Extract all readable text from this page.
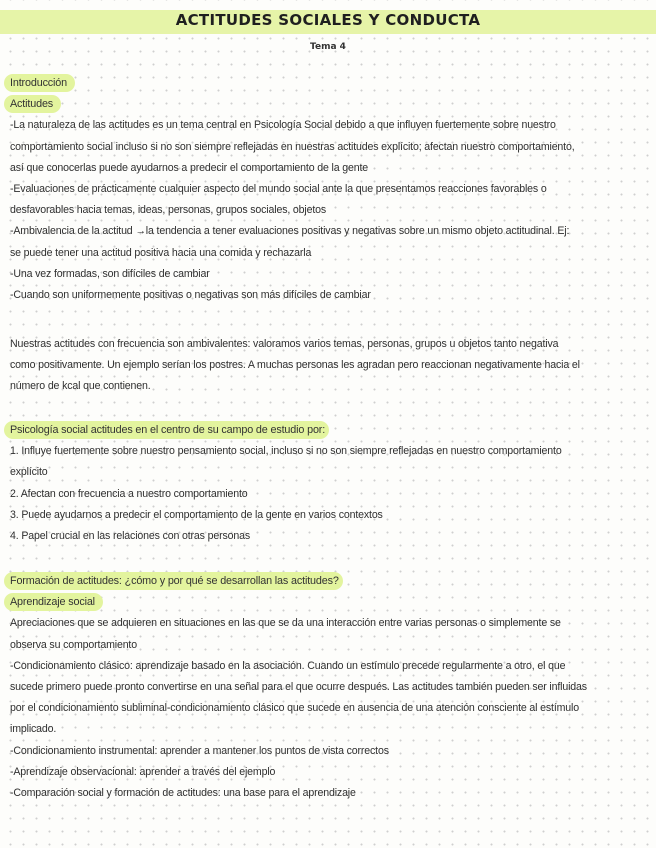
ACTITUDES SOCIALES Y CONDUCTA
Tema 4
Introducción
Actitudes
-La naturaleza de las actitudes es un tema central en Psicología Social debido a que influyen fuertemente sobre nuestro
comportamiento social incluso si no son siempre reflejadas en nuestras actitudes explícito; afectan nuestro comportamiento,
así que conocerlas puede ayudarnos a predecir el comportamiento de la gente
-Evaluaciones de prácticamente cualquier aspecto del mundo social ante la que presentamos reacciones favorables o
desfavorables hacia temas, ideas, personas, grupos sociales, objetos
-Ambivalencia de la actitud →la tendencia a tener evaluaciones positivas y negativas sobre un mismo objeto actitudinal. Ej:
se puede tener una actitud positiva hacia una comida y rechazarla
-Una vez formadas, son difíciles de cambiar
-Cuando son uniformemente positivas o negativas son más difíciles de cambiar
Nuestras actitudes con frecuencia son ambivalentes: valoramos varios temas, personas, grupos u objetos tanto negativa
como positivamente. Un ejemplo serían los postres. A muchas personas les agradan pero reaccionan negativamente hacia el
número de kcal que contienen.
Psicología social actitudes en el centro de su campo de estudio por:
1. Influye fuertemente sobre nuestro pensamiento social, incluso si no son siempre reflejadas en nuestro comportamiento
explícito
2. Afectan con frecuencia a nuestro comportamiento
3. Puede ayudarnos a predecir el comportamiento de la gente en varios contextos
4. Papel crucial en las relaciones con otras personas
Formación de actitudes: ¿cómo y por qué se desarrollan las actitudes?
Aprendizaje social
Apreciaciones que se adquieren en situaciones en las que se da una interacción entre varias personas o simplemente se
observa su comportamiento
-Condicionamiento clásico: aprendizaje basado en la asociación. Cuando un estímulo precede regularmente a otro, el que
sucede primero puede pronto convertirse en una señal para el que ocurre después. Las actitudes también pueden ser influidas
por el condicionamiento subliminal-condicionamiento clásico que sucede en ausencia de una atención consciente al estímulo
implicado.
-Condicionamiento instrumental: aprender a mantener los puntos de vista correctos
-Aprendizaje observacional: aprender a través del ejemplo
-Comparación social y formación de actitudes: una base para el aprendizaje
